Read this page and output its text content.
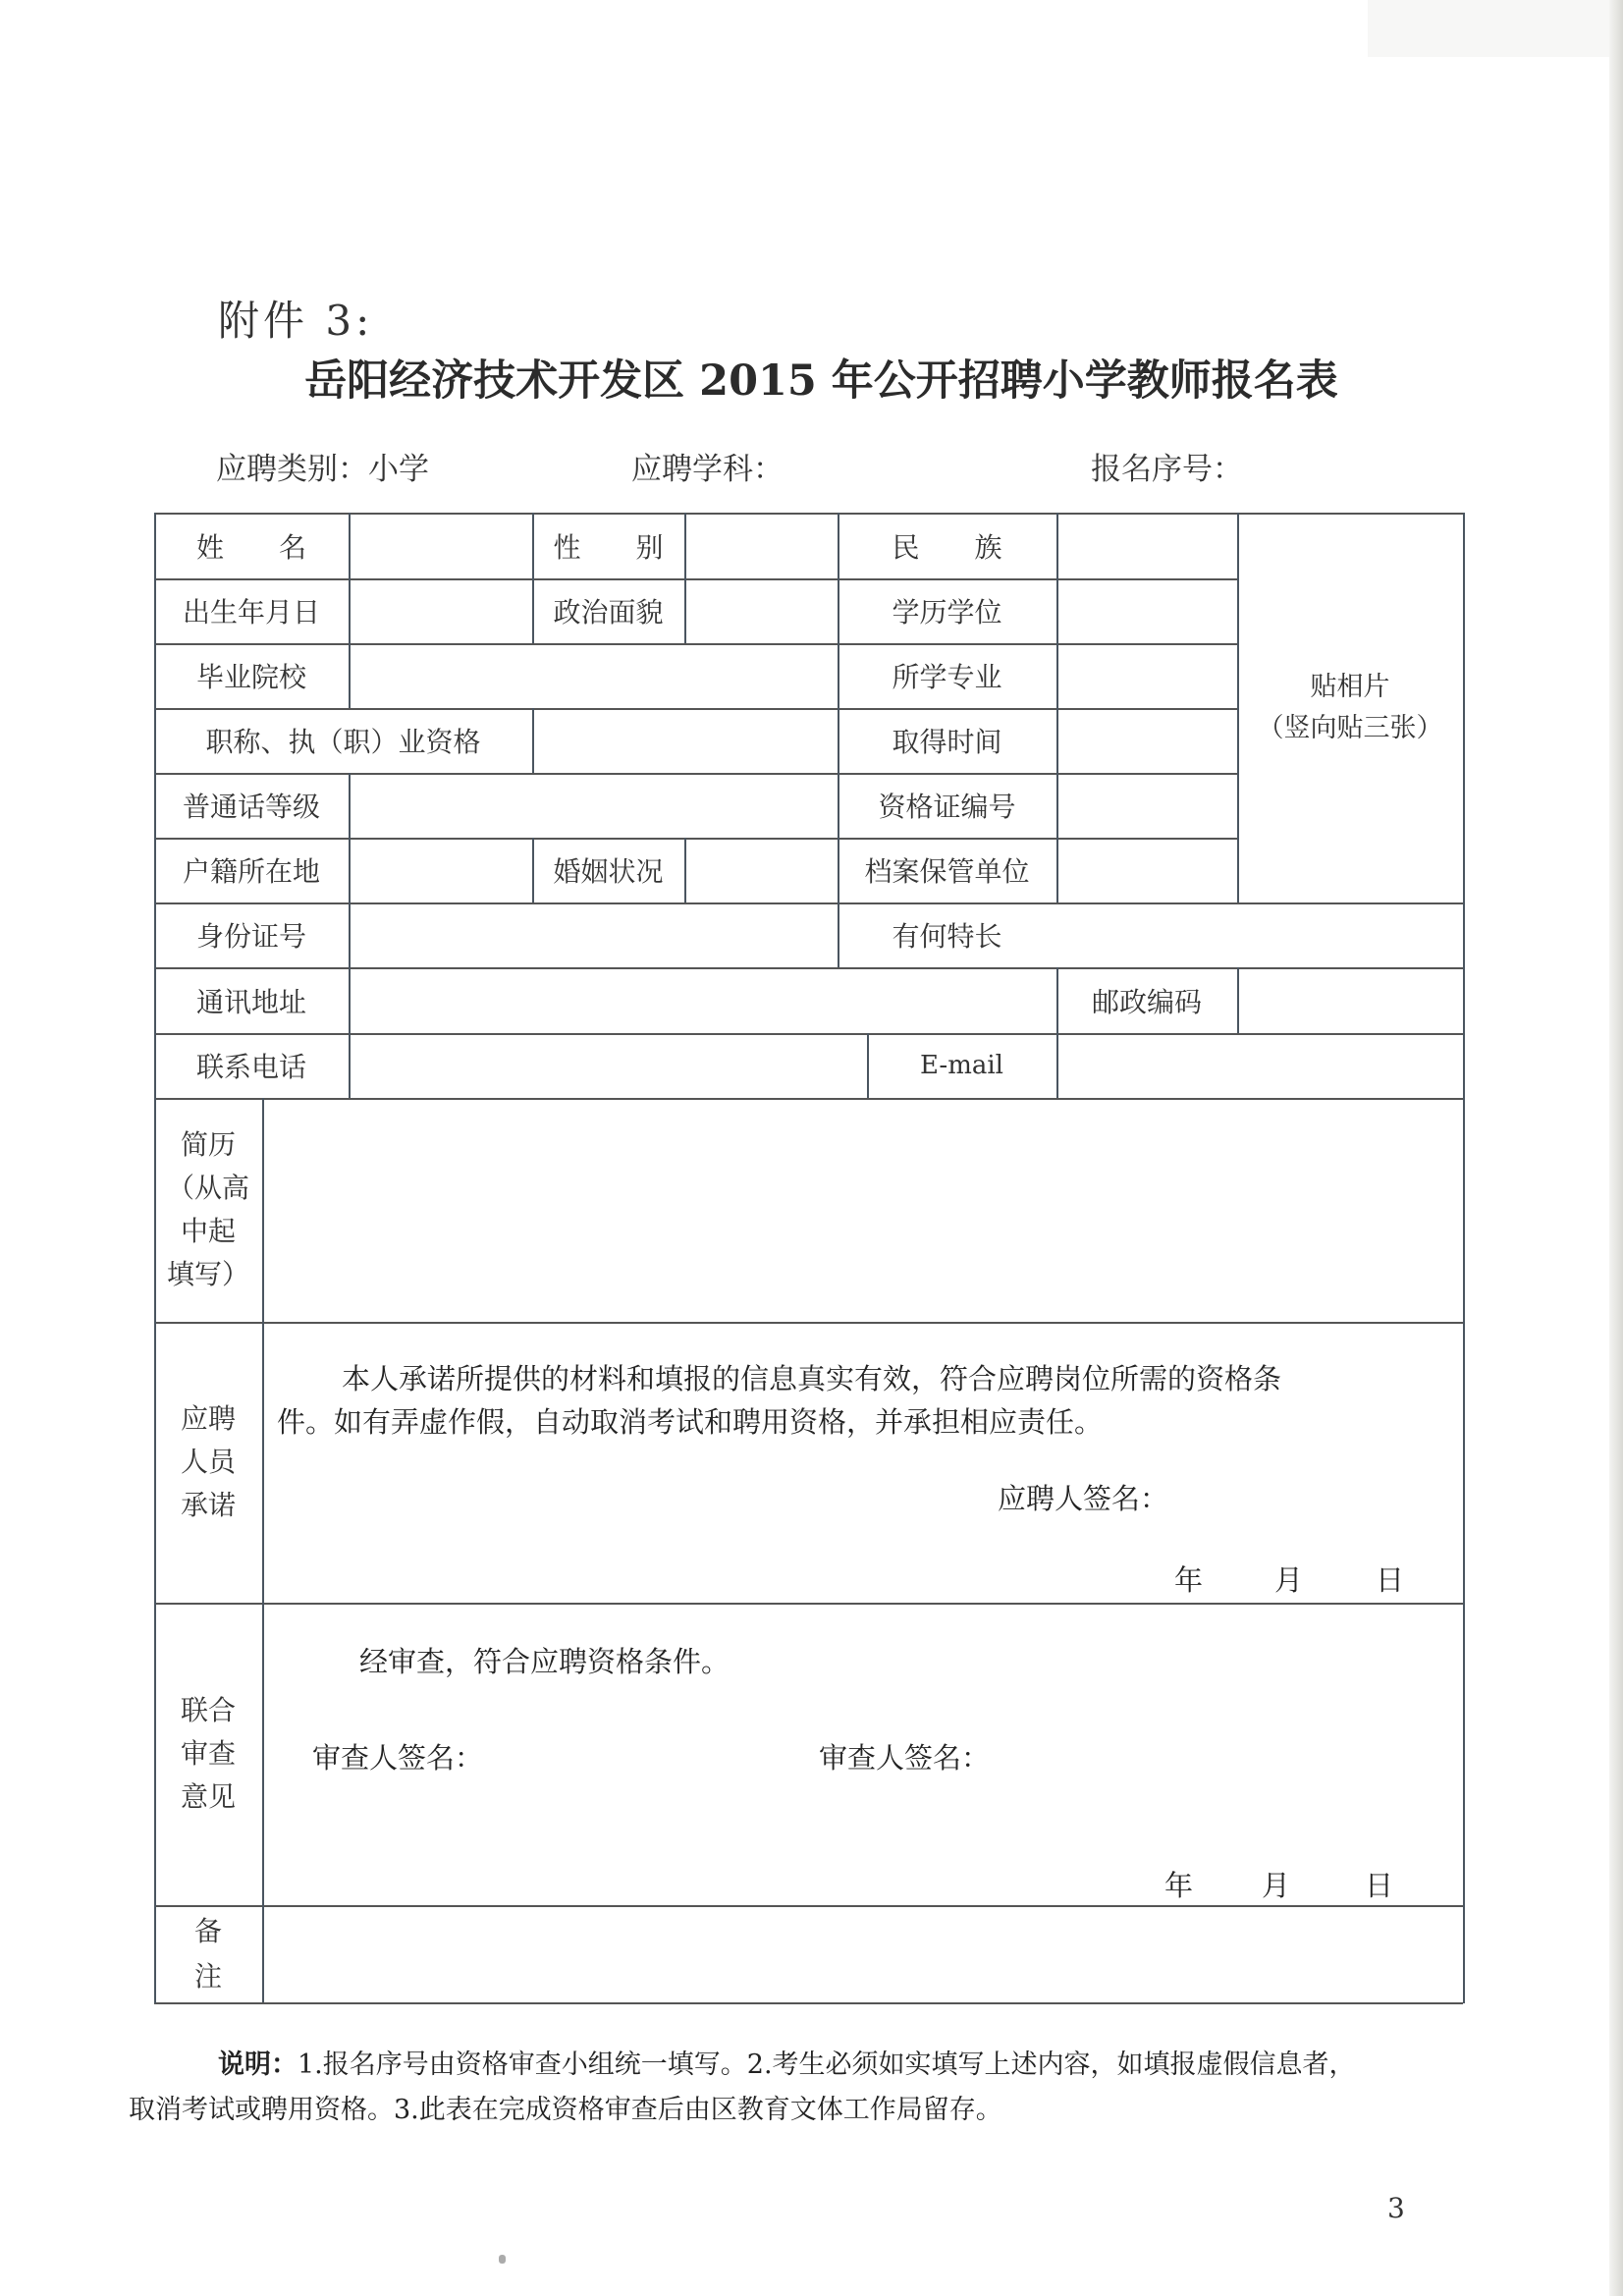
附件 3:
岳阳经济技术开发区 2015 年公开招聘小学教师报名表
应聘类别：小学	应聘学科：	报名序号：
姓　　名	性　　别	民　　族
贴相片
（竖向贴三张）
出生年月日	政治面貌	学历学位
毕业院校	所学专业
职称、执（职）业资格	取得时间
普通话等级	资格证编号
户籍所在地	婚姻状况	档案保管单位
身份证号	有何特长
通讯地址	邮政编码
联系电话	E-mail
简历
（从高
中起
填写）
应聘
人员
承诺
本人承诺所提供的材料和填报的信息真实有效，符合应聘岗位所需的资格条
件。如有弄虚作假，自动取消考试和聘用资格，并承担相应责任。
应聘人签名：
年	月	日
联合
审查
意见
经审查，符合应聘资格条件。
审查人签名：	审查人签名：
年 月	日
备
注
说明：1.报名序号由资格审查小组统一填写。2.考生必须如实填写上述内容，如填报虚假信息者，
取消考试或聘用资格。3.此表在完成资格审查后由区教育文体工作局留存。
3
